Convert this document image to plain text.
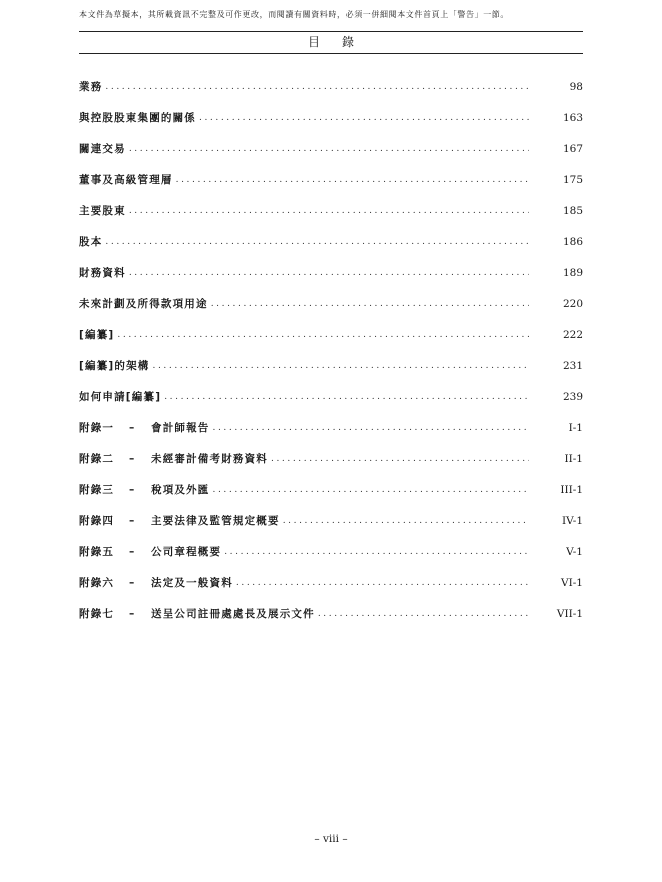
本文件為草擬本，其所載資訊不完整及可作更改，而閱讀有關資料時，必須一併細閱本文件首頁上「警告」一節。
目錄
業務 .....	98
與控股股東集團的關係 .....	163
關連交易 .....	167
董事及高級管理層 .....	175
主要股東 .....	185
股本 .....	186
財務資料 .....	189
未來計劃及所得款項用途 .....	220
[編纂] .....	222
[編纂]的架構 .....	231
如何申請[編纂] .....	239
附錄一 – 會計師報告 .....	I-1
附錄二 – 未經審計備考財務資料 .....	II-1
附錄三 – 稅項及外匯 .....	III-1
附錄四 – 主要法律及監管規定概要 .....	IV-1
附錄五 – 公司章程概要 .....	V-1
附錄六 – 法定及一般資料 .....	VI-1
附錄七 – 送呈公司註冊處處長及展示文件 .....	VII-1
– viii –
